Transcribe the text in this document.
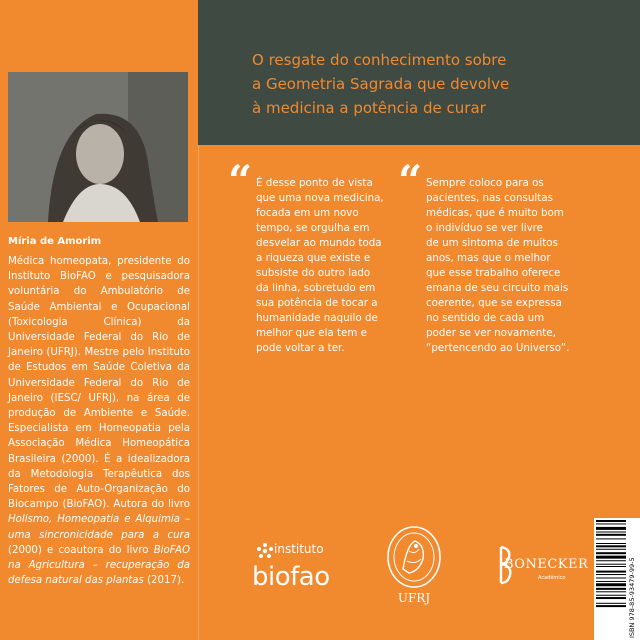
Míria de Amorim
Médica homeopata, presidente do Instituto BioFAO e pesquisadora voluntária do Ambulatório de Saúde Ambiental e Ocupacional (Toxicologia Clínica) da Universidade Federal do Rio de Janeiro (UFRJ). Mestre pelo Instituto de Estudos em Saúde Coletiva da Universidade Federal do Rio de Janeiro (IESC/ UFRJ), na área de produção de Ambiente e Saúde. Especialista em Homeopatia pela Associação Médica Homeopática Brasileira (2000). É a idealizadora da Metodologia Terapêutica dos Fatores de Auto-Organização do Biocampo (BioFAO). Autora do livro Holismo, Homeopatia e Alquimia – uma sincronicidade para a cura (2000) e coautora do livro BioFAO na Agricultura – recuperação da defesa natural das plantas (2017).
O resgate do conhecimento sobre
a Geometria Sagrada que devolve
à medicina a potência de curar
“ É desse ponto de vista
que uma nova medicina,
focada em um novo
tempo, se orgulha em
desvelar ao mundo toda
a riqueza que existe e
subsiste do outro lado
da linha, sobretudo em
sua potência de tocar a
humanidade naquilo de
melhor que ela tem e
pode voltar a ter.
“ Sempre coloco para os
pacientes, nas consultas
médicas, que é muito bom
o indivíduo se ver livre
de um sintoma de muitos
anos, mas que o melhor
que esse trabalho oferece
emana de seu circuito mais
coerente, que se expressa
no sentido de cada um
poder se ver novamente,
“pertencendo ao Universo”.
instituto
biofao
UFRJ
BONECKER
Acadêmico	ISBN 978-85-93479-99-5
